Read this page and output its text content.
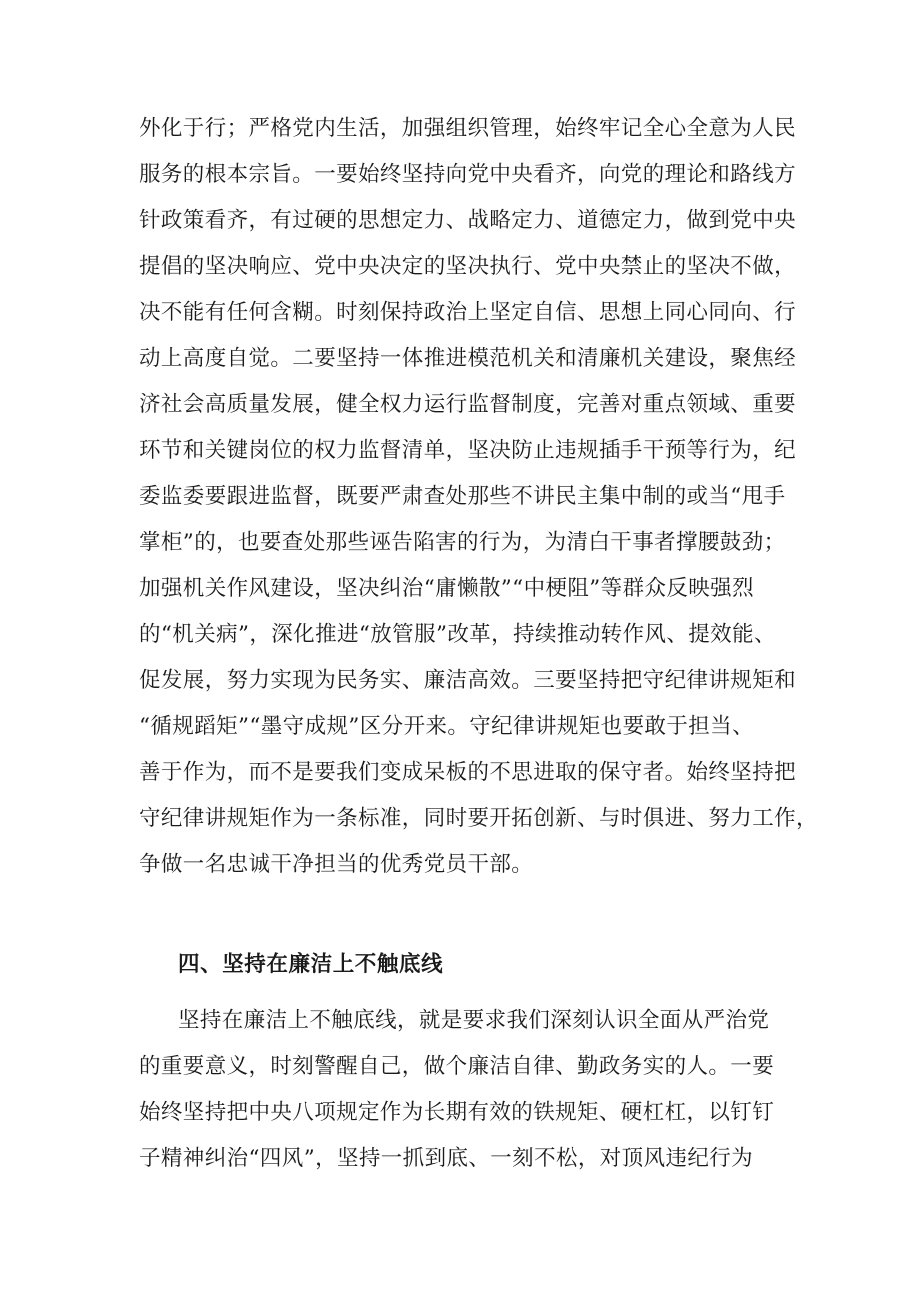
外化于行；严格党内生活，加强组织管理，始终牢记全心全意为人民
服务的根本宗旨。一要始终坚持向党中央看齐，向党的理论和路线方
针政策看齐，有过硬的思想定力、战略定力、道德定力，做到党中央
提倡的坚决响应、党中央决定的坚决执行、党中央禁止的坚决不做，
决不能有任何含糊。时刻保持政治上坚定自信、思想上同心同向、行
动上高度自觉。二要坚持一体推进模范机关和清廉机关建设，聚焦经
济社会高质量发展，健全权力运行监督制度，完善对重点领域、重要
环节和关键岗位的权力监督清单，坚决防止违规插手干预等行为，纪
委监委要跟进监督，既要严肃查处那些不讲民主集中制的或当“甩手
掌柜”的，也要查处那些诬告陷害的行为，为清白干事者撑腰鼓劲；
加强机关作风建设，坚决纠治“庸懒散”“中梗阻”等群众反映强烈
的“机关病”，深化推进“放管服”改革，持续推动转作风、提效能、
促发展，努力实现为民务实、廉洁高效。三要坚持把守纪律讲规矩和
“循规蹈矩”“墨守成规”区分开来。守纪律讲规矩也要敢于担当、
善于作为，而不是要我们变成呆板的不思进取的保守者。始终坚持把
守纪律讲规矩作为一条标准，同时要开拓创新、与时俱进、努力工作，
争做一名忠诚干净担当的优秀党员干部。
四、坚持在廉洁上不触底线
坚持在廉洁上不触底线，就是要求我们深刻认识全面从严治党
的重要意义，时刻警醒自己，做个廉洁自律、勤政务实的人。一要
始终坚持把中央八项规定作为长期有效的铁规矩、硬杠杠，以钉钉
子精神纠治“四风”，坚持一抓到底、一刻不松，对顶风违纪行为
